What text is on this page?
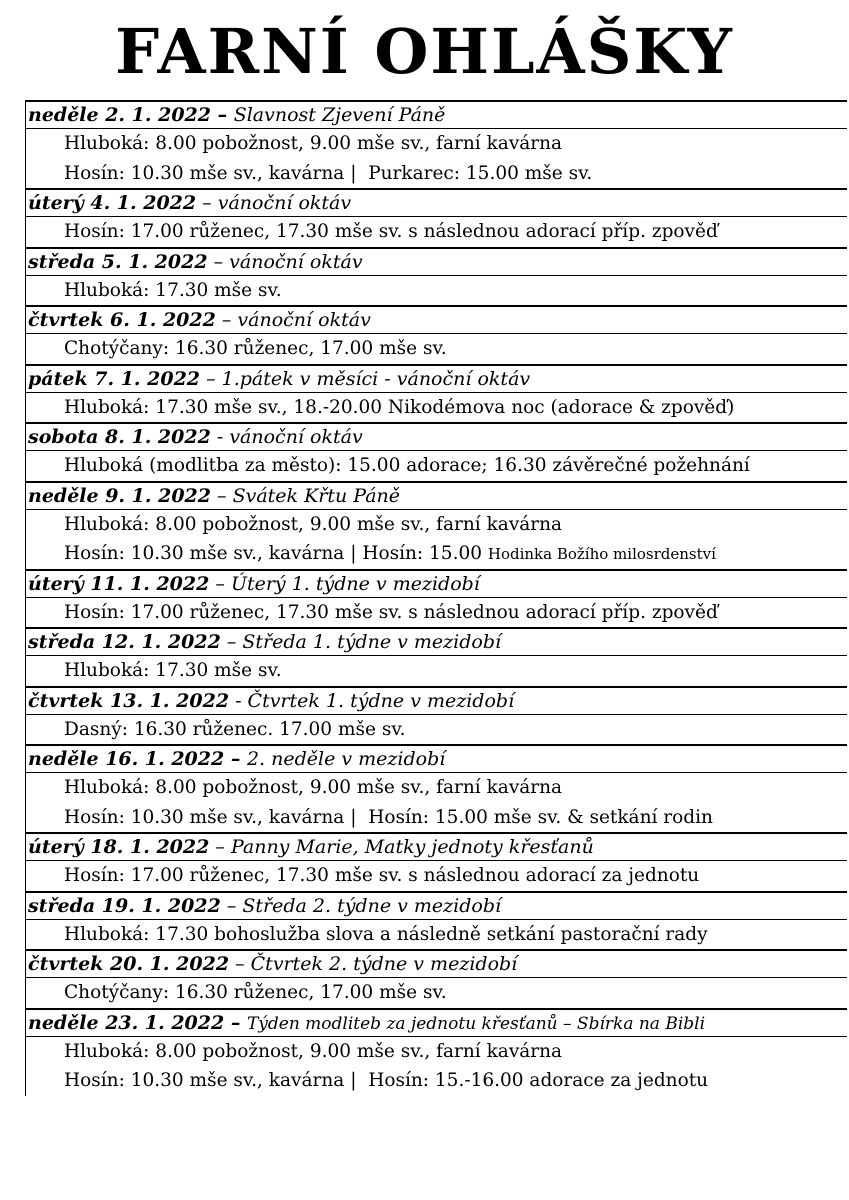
FARNÍ OHLÁŠKY
neděle 2. 1. 2022 – Slavnost Zjevení Páně
Hluboká: 8.00 pobožnost, 9.00 mše sv., farní kavárna
Hosín: 10.30 mše sv., kavárna |  Purkarec: 15.00 mše sv.
úterý 4. 1. 2022 – vánoční oktáv
Hosín: 17.00 růženec, 17.30 mše sv. s následnou adorací příp. zpověď
středa 5. 1. 2022 – vánoční oktáv
Hluboká: 17.30 mše sv.
čtvrtek 6. 1. 2022 – vánoční oktáv
Chotýčany: 16.30 růženec, 17.00 mše sv.
pátek 7. 1. 2022 – 1.pátek v měsíci - vánoční oktáv
Hluboká: 17.30 mše sv., 18.-20.00 Nikodémova noc (adorace & zpověď)
sobota 8. 1. 2022 - vánoční oktáv
Hluboká (modlitba za město): 15.00 adorace; 16.30 závěrečné požehnání
neděle 9. 1. 2022 – Svátek Křtu Páně
Hluboká: 8.00 pobožnost, 9.00 mše sv., farní kavárna
Hosín: 10.30 mše sv., kavárna | Hosín: 15.00 Hodinka Božího milosrdenství
úterý 11. 1. 2022 – Úterý 1. týdne v mezidobí
Hosín: 17.00 růženec, 17.30 mše sv. s následnou adorací příp. zpověď
středa 12. 1. 2022 – Středa 1. týdne v mezidobí
Hluboká: 17.30 mše sv.
čtvrtek 13. 1. 2022 - Čtvrtek 1. týdne v mezidobí
Dasný: 16.30 růženec. 17.00 mše sv.
neděle 16. 1. 2022 – 2. neděle v mezidobí
Hluboká: 8.00 pobožnost, 9.00 mše sv., farní kavárna
Hosín: 10.30 mše sv., kavárna |  Hosín: 15.00 mše sv. & setkání rodin
úterý 18. 1. 2022 – Panny Marie, Matky jednoty křesťanů
Hosín: 17.00 růženec, 17.30 mše sv. s následnou adorací za jednotu
středa 19. 1. 2022 – Středa 2. týdne v mezidobí
Hluboká: 17.30 bohoslužba slova a následně setkání pastorační rady
čtvrtek 20. 1. 2022 – Čtvrtek 2. týdne v mezidobí
Chotýčany: 16.30 růženec, 17.00 mše sv.
neděle 23. 1. 2022 – Týden modliteb za jednotu křesťanů – Sbírka na Bibli
Hluboká: 8.00 pobožnost, 9.00 mše sv., farní kavárna
Hosín: 10.30 mše sv., kavárna |  Hosín: 15.-16.00 adorace za jednotu
